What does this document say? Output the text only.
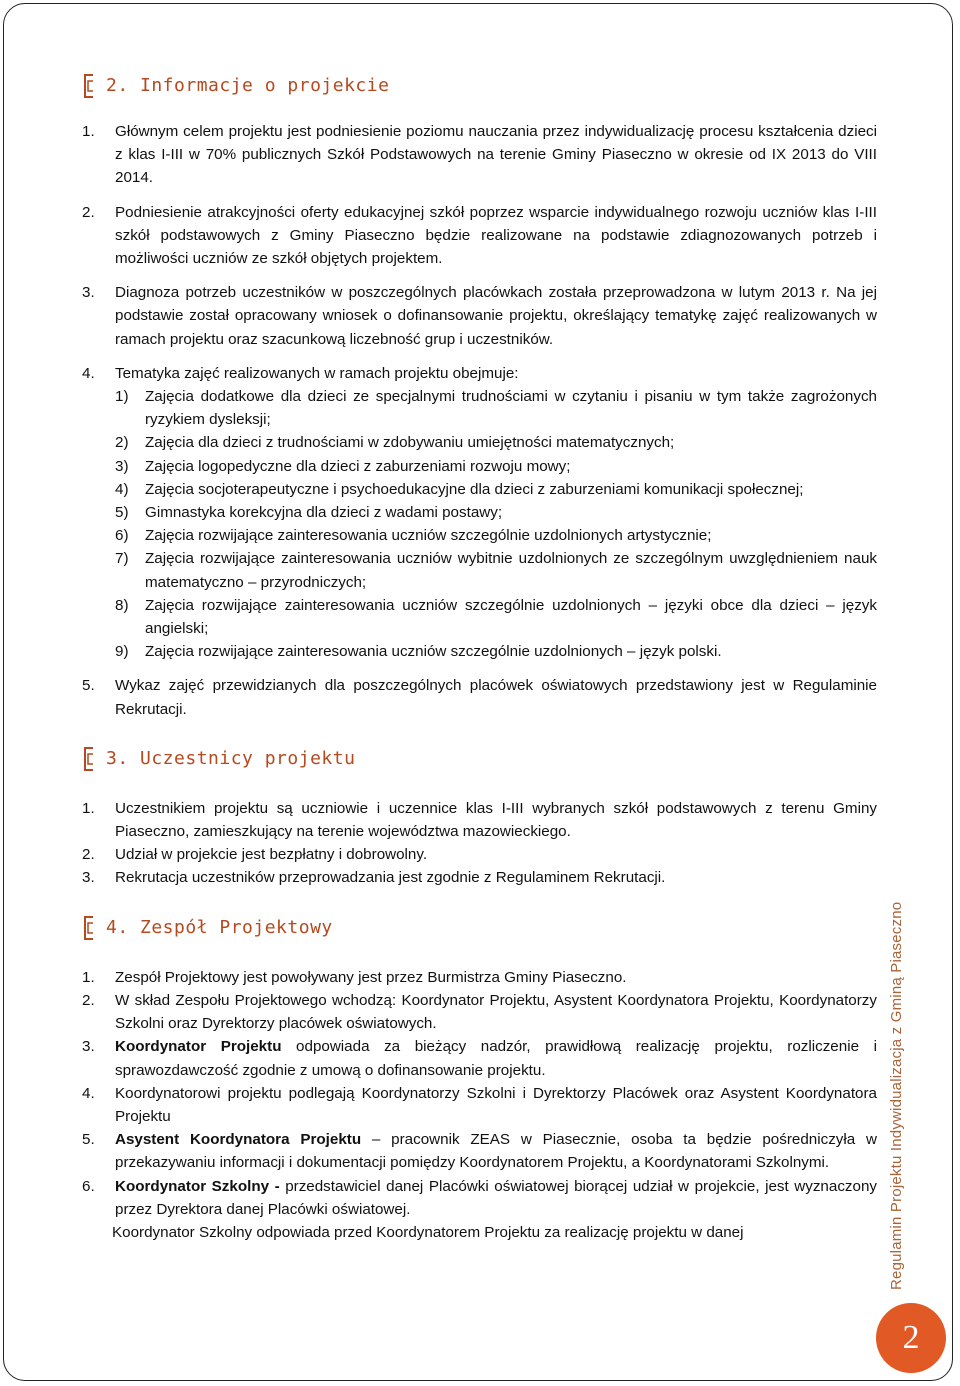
2. Informacje o projekcie
1.	Głównym celem projektu jest podniesienie poziomu nauczania przez indywidualizację procesu kształcenia dzieci z klas I-III w 70% publicznych Szkół Podstawowych na terenie Gminy Piaseczno w okresie od IX 2013 do VIII 2014.
2.	Podniesienie atrakcyjności oferty edukacyjnej szkół poprzez wsparcie indywidualnego rozwoju uczniów klas I-III szkół podstawowych z Gminy Piaseczno będzie realizowane na podstawie zdiagnozowanych potrzeb i możliwości uczniów ze szkół objętych projektem.
3.	Diagnoza potrzeb uczestników w poszczególnych placówkach została przeprowadzona w lutym 2013 r. Na jej podstawie został opracowany wniosek o dofinansowanie projektu, określający tematykę zajęć realizowanych w ramach projektu oraz szacunkową liczebność grup i uczestników.
4.	Tematyka zajęć realizowanych w ramach projektu obejmuje:
1)	Zajęcia dodatkowe dla dzieci ze specjalnymi trudnościami w czytaniu i pisaniu w tym także zagrożonych ryzykiem dysleksji;
2)	Zajęcia dla dzieci z trudnościami w zdobywaniu umiejętności matematycznych;
3)	Zajęcia logopedyczne dla dzieci z zaburzeniami rozwoju mowy;
4)	Zajęcia socjoterapeutyczne i psychoedukacyjne dla dzieci z zaburzeniami komunikacji społecznej;
5)	Gimnastyka korekcyjna dla dzieci z wadami postawy;
6)	Zajęcia rozwijające zainteresowania uczniów szczególnie uzdolnionych artystycznie;
7)	Zajęcia rozwijające zainteresowania uczniów wybitnie uzdolnionych ze szczególnym uwzględnieniem nauk matematyczno – przyrodniczych;
8)	Zajęcia rozwijające zainteresowania uczniów szczególnie uzdolnionych – języki obce dla dzieci – język angielski;
9)	Zajęcia rozwijające zainteresowania uczniów szczególnie uzdolnionych – język polski.
5.	Wykaz zajęć przewidzianych dla poszczególnych placówek oświatowych przedstawiony jest w Regulaminie Rekrutacji.
3. Uczestnicy projektu
1.	Uczestnikiem projektu są uczniowie i uczennice klas I-III wybranych szkół podstawowych z terenu Gminy Piaseczno, zamieszkujący na terenie województwa mazowieckiego.
2.	Udział w projekcie jest bezpłatny i dobrowolny.
3.	Rekrutacja uczestników przeprowadzania jest zgodnie z Regulaminem Rekrutacji.
4. Zespół Projektowy
1.	Zespół Projektowy jest powoływany jest przez Burmistrza Gminy Piaseczno.
2.	W skład Zespołu Projektowego wchodzą: Koordynator Projektu, Asystent Koordynatora Projektu, Koordynatorzy Szkolni oraz Dyrektorzy placówek oświatowych.
3.	Koordynator Projektu odpowiada za bieżący nadzór, prawidłową realizację projektu, rozliczenie i sprawozdawczość zgodnie z umową o dofinansowanie projektu.
4.	Koordynatorowi projektu podlegają Koordynatorzy Szkolni i Dyrektorzy Placówek oraz Asystent Koordynatora Projektu
5.	Asystent Koordynatora Projektu – pracownik ZEAS w Piasecznie, osoba ta będzie pośredniczyła w przekazywaniu informacji i dokumentacji pomiędzy Koordynatorem Projektu, a Koordynatorami Szkolnymi.
6.	Koordynator Szkolny - przedstawiciel danej Placówki oświatowej biorącej udział w projekcie, jest wyznaczony przez Dyrektora danej Placówki oświatowej.
Koordynator Szkolny odpowiada przed Koordynatorem Projektu za realizację projektu w danej	Regulamin Projektu Indywidualizacja z Gminą Piaseczno
2
